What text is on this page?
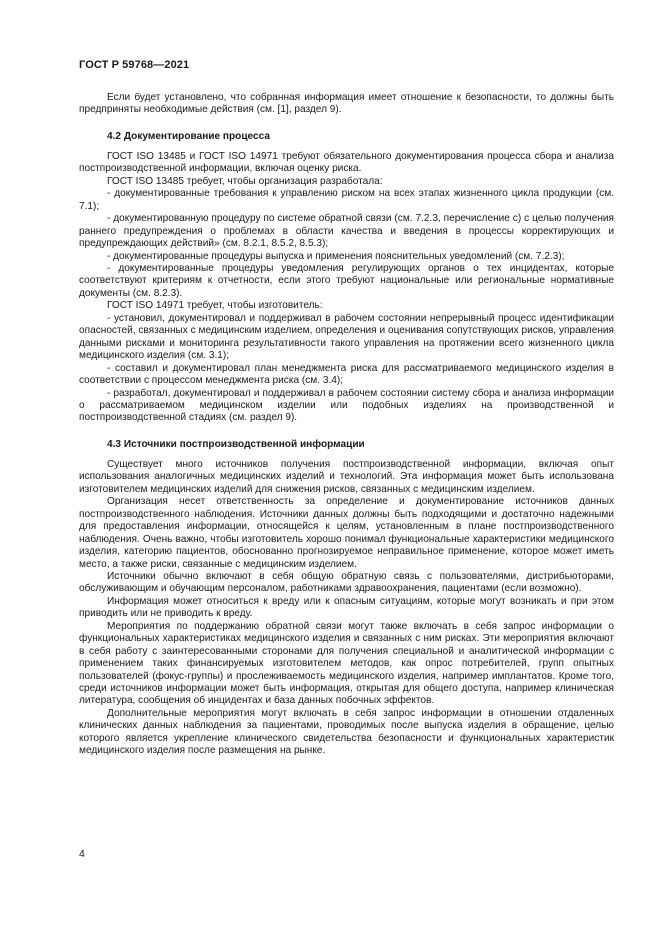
ГОСТ Р 59768—2021

Если будет установлено, что собранная информация имеет отношение к безопасности, то должны быть предприняты необходимые действия (см. [1], раздел 9).

4.2 Документирование процесса

ГОСТ ISO 13485 и ГОСТ ISO 14971 требуют обязательного документирования процесса сбора и анализа постпроизводственной информации, включая оценку риска.

ГОСТ ISO 13485 требует, чтобы организация разработала:

- документированные требования к управлению риском на всех этапах жизненного цикла продукции (см. 7.1);

- документированную процедуру по системе обратной связи (см. 7.2.3, перечисление с) с целью получения раннего предупреждения о проблемах в области качества и введения в процессы корректирующих и предупреждающих действий» (см. 8.2.1, 8.5.2, 8.5.3);

- документированные процедуры выпуска и применения пояснительных уведомлений (см. 7.2.3);

- документированные процедуры уведомления регулирующих органов о тех инцидентах, которые соответствуют критериям к отчетности, если этого требуют национальные или региональные нормативные документы (см. 8.2.3).

ГОСТ ISO 14971 требует, чтобы изготовитель:

- установил, документировал и поддерживал в рабочем состоянии непрерывный процесс идентификации опасностей, связанных с медицинским изделием, определения и оценивания сопутствующих рисков, управления данными рисками и мониторинга результативности такого управления на протяжении всего жизненного цикла медицинского изделия (см. 3.1);

- составил и документировал план менеджмента риска для рассматриваемого медицинского изделия в соответствии с процессом менеджмента риска (см. 3.4);

- разработал, документировал и поддерживал в рабочем состоянии систему сбора и анализа информации о рассматриваемом медицинском изделии или подобных изделиях на производственной и постпроизводственной стадиях (см. раздел 9).

4.3 Источники постпроизводственной информации

Существует много источников получения постпроизводственной информации, включая опыт использования аналогичных медицинских изделий и технологий. Эта информация может быть использована изготовителем медицинских изделий для снижения рисков, связанных с медицинским изделием.

Организация несет ответственность за определение и документирование источников данных постпроизводственного наблюдения. Источники данных должны быть подходящими и достаточно надежными для предоставления информации, относящейся к целям, установленным в плане постпроизводственного наблюдения. Очень важно, чтобы изготовитель хорошо понимал функциональные характеристики медицинского изделия, категорию пациентов, обоснованно прогнозируемое неправильное применение, которое может иметь место, а также риски, связанные с медицинским изделием.

Источники обычно включают в себя общую обратную связь с пользователями, дистрибьюторами, обслуживающим и обучающим персоналом, работниками здравоохранения, пациентами (если возможно).

Информация может относиться к вреду или к опасным ситуациям, которые могут возникать и при этом приводить или не приводить к вреду.

Мероприятия по поддержанию обратной связи могут также включать в себя запрос информации о функциональных характеристиках медицинского изделия и связанных с ним рисках. Эти мероприятия включают в себя работу с заинтересованными сторонами для получения специальной и аналитической информации с применением таких финансируемых изготовителем методов, как опрос потребителей, групп опытных пользователей (фокус-группы) и прослеживаемость медицинского изделия, например имплантатов. Кроме того, среди источников информации может быть информация, открытая для общего доступа, например клиническая литература, сообщения об инцидентах и база данных побочных эффектов.

Дополнительные мероприятия могут включать в себя запрос информации в отношении отдаленных клинических данных наблюдения за пациентами, проводимых после выпуска изделия в обращение, целью которого является укрепление клинического свидетельства безопасности и функциональных характеристик медицинского изделия после размещения на рынке.

4
